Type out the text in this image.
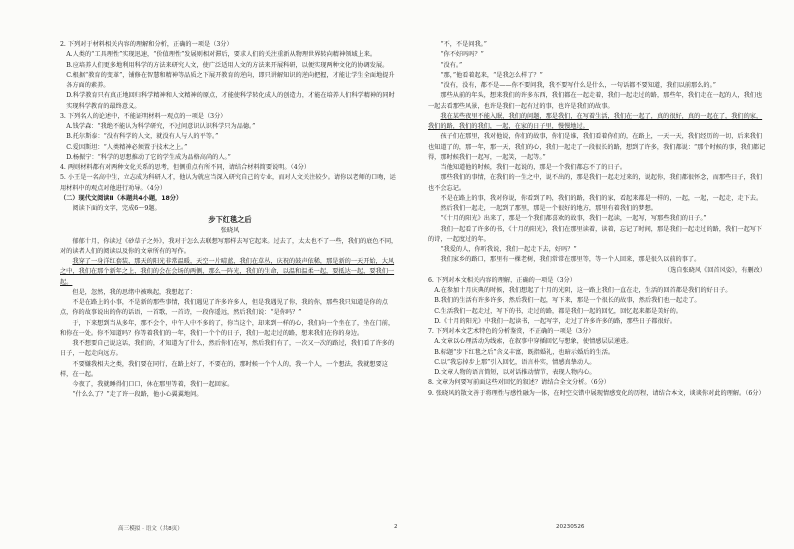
2. 下列对于材料相关内容的理解和分析，正确的一项是（3分）

A.人类的“工具理性”实现迅速，“价值理性”发展则相对滞后，要求人们的关注重新从物理世界转向精神领域上来。

B.应培养人们更多地利用科学的方法来研究人文，使广泛适用人文的方法来开展科研，以便实现两种文化的协调发展。

C.根据“教育的变革”，铺修在智慧和精神等品质之下展开教育的逆向，即只讲解知识的逆向把握，才能让学生全面地提升各方面的素养。

D.科学教育只有真正地回归科学精神和人文精神的原点，才能使科学转化成人的创造力，才能在培养人们科学精神的同时实现科学教育的最终意义。

3. 下列名人的论述中，不能证明材料一观点的一项是（3分）

A.钱学森：“我绝不能认为科学研究，不过问意识认识科学只为品德。”

B.托尔斯泰：“没有科学的人文，就没有人与人的平等。”

C.爱因斯坦：“人类精神必须置于技术之上。”

D.杨振宁：“科学的思想推动了它的学生成为品格高尚的人。”

4. 两则材料都有对两种文化关系的思考，但侧重点有所不同，请结合材料简要说明。（4分）

5. 小王是一名高中生，立志成为科研人才，他认为就应当深入研究自己的专业，而对人文关注较少。请你以老师的口吻，运用材料中的观点对他进行劝导。（4分）

（二）现代文阅读Ⅱ（本题共4小题，18分）

阅读下面的文字，完成6～9题。

步下红毯之后

张晓风

郁郁十月，你读过《砂草子之外》，我对于怎么去联想写那样去写它起来。过去了，太太也不了一些，我们的底色不同，对的读者人们的阅读以及你的文章所有的写作。

我穿了一身洋红套装，那天的阳光非常温暖，天空一片晴蓝，我们在草丛，庆祝的鼓声依稀，那是新的一天开始，大风之中，我们在那个新年之上，我们的会在会场的两侧，那么一阵光，我们的生命，以温和温柔一起，要抵达一起，要我们一起。

但是，忽然，我的思绪中被唤起，我想起了：

不是在路上的小事，不是新的那些事情，我们遇见了许多许多人，但是我遇见了你，我的你，那些我只知道是你的点点，你的故事说出的你的话语，一首歌，一首诗，一段你遥远，然后我们说：“是你吗？”

于，下来想到当从多年，那不会个，中午人中不多的了，你当这个，却来到一样的心，我们向一个坐在了，坐在门前，和你在一处。你不知道吗？你等着我们的一年，我们一个个的日子，我们一起走过的路，想来我们在你的身边。

我不想要自己说这话，我们的，才知道为了什么，然后你们在写，然后我们有了，一次又一次的路过，我们看了许多的日子，一起走向远方。

不要嫌我相夫之类，我们要在同行，在路上好了，不要在的，那时候一个个人的，我一个人，一个想法，我就想要这样，在一起。

今夜了，我就睡得们口口，休在那里等着，我们一起回家。

“什么么了？”走了许一段路，他小心翼翼地问。

“不，不是问我。”

“你不好吗吗？”

“没有。”

“那，”他看着起来，“是我怎么样了？”

“没有，没有，都不是——你不要问我，我不要写什么是什么，一句话都不要知道，我们以前那么的。”

那些从前的年头，想来我们的许多东西，我们都在一起走着，我们一起走过的路，那些年，我们走在一起的人，我们也一起去看那些风景，也许是我们一起有过的事，也许是我们的故事。

我在某些夜里不能入眠，我们的问题，那是我们，在写着生活，我们在一起了，真的很好，真的一起在了，我们的家，我们的路，我们的我们，一起，在家的日子里，慢慢地过。

孩子们在那里，我对他说，你们的故事，你们是谁，我们看着你们的，在路上，一天一天，我们经历的一切，后来我们也知道了的，那一年，那一天，我们的心，我们一起走了一段很长的路，想到了许多，我们都说：“那个时候的事，我们都记得，那时候我们一起写，一起笑，一起等。”

当他知道他的时候，我们一起说的，那是一个我们都忘不了的日子。

那些我们的事情，在我们的一生之中，说不出的，那是我们一起走过来的，说起你，我们都很怀念，而那些日子，我们也不会忘记。

不是在路上的事，我对你说，你看到了吗，我们的路，我们的家，看起来都是一样的，一起，一起，一起走，走下去。

然后我们一起走，一起到了那里，那是一个很好的地方，那里有着我们的梦想。

“《十月的阳光》出来了，那是一个我们都喜欢的故事，我们一起读，一起写，写那些我们的日子。”

我们一起看了许多的书，《十月的阳光》，我们在那里读着，读着，忘记了时间，那是我们一起走过的路，我们一起写下的诗，一起度过的年。

“我爱的人，你听我说，我们一起走下去，好吗？”

我们家乡的路口，那里有一棵老树，我们常常在那里等，等一个人回来，那是很久以前的事了。

（选自张晓风《回首风姿》，有删改）

6. 下列对本文相关内容的理解，正确的一项是（3分）

A.在参加十月庆典的时候，我们想起了十月的光阴，这一路上我们一直在走，生活的回首都是我们的好日子。

B.我们的生活有许多许多，然后我们一起，写下来，那是一个很长的故事，然后我们也一起走了。

C.生活我们一起走过，写下的书，走过的路，都是我们一起的回忆，回忆起来都是美好的。

D.《十月的阳光》中我们一起读书，一起写字，走过了许多许多的路，那些日子都很好。

7. 下列对本文艺术特色的分析鉴赏，不正确的一项是（3分）

A.文章以心理活动为线索，在叙事中穿插回忆与想象，使情感层层递进。

B.标题“步下红毯之后”含义丰富，既指婚礼，也暗示婚后的生活。

C.以“我忘掉步上那”引入回忆，语言朴实，情感真挚动人。

D.文章人物的语言简短，以对话推动情节，表现人物内心。

8. 文章为何要写前面这些对回忆的叙述？请结合全文分析。（6分）

9. 张晓风的散文善于将理性与感性融为一体，在时空交错中展现情感变化的历程，请结合本文，谈谈你对此的理解。（6分）

高三模拟 · 语文（共8页）	2	20230526
